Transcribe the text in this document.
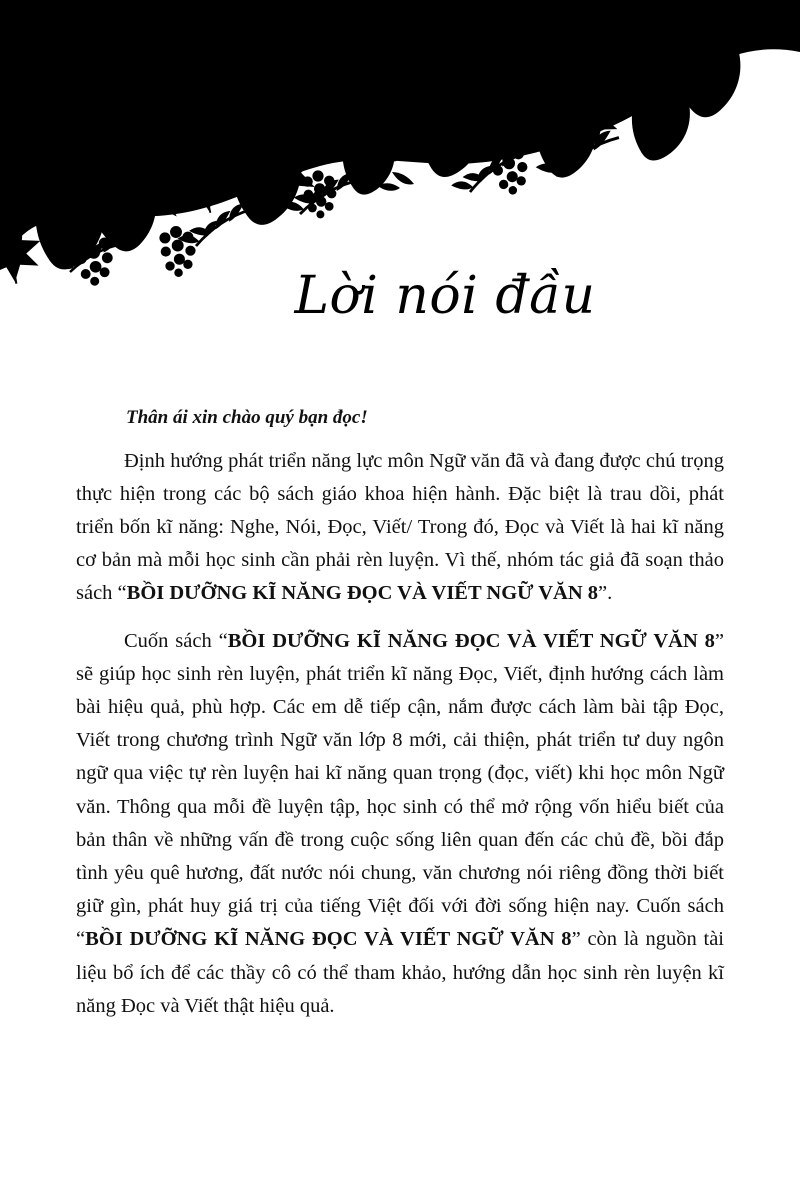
Lời nói đầu
Thân ái xin chào quý bạn đọc!

Định hướng phát triển năng lực môn Ngữ văn đã và đang được chú trọng thực hiện trong các bộ sách giáo khoa hiện hành. Đặc biệt là trau dồi, phát triển bốn kĩ năng: Nghe, Nói, Đọc, Viết/ Trong đó, Đọc và Viết là hai kĩ năng cơ bản mà mỗi học sinh cần phải rèn luyện. Vì thế, nhóm tác giả đã soạn thảo sách “BỒI DƯỠNG KĨ NĂNG ĐỌC VÀ VIẾT NGỮ VĂN 8”.

Cuốn sách “BỒI DƯỠNG KĨ NĂNG ĐỌC VÀ VIẾT NGỮ VĂN 8” sẽ giúp học sinh rèn luyện, phát triển kĩ năng Đọc, Viết, định hướng cách làm bài hiệu quả, phù hợp. Các em dễ tiếp cận, nắm được cách làm bài tập Đọc, Viết trong chương trình Ngữ văn lớp 8 mới, cải thiện, phát triển tư duy ngôn ngữ qua việc tự rèn luyện hai kĩ năng quan trọng (đọc, viết) khi học môn Ngữ văn. Thông qua mỗi đề luyện tập, học sinh có thể mở rộng vốn hiểu biết của bản thân về những vấn đề trong cuộc sống liên quan đến các chủ đề, bồi đắp tình yêu quê hương, đất nước nói chung, văn chương nói riêng đồng thời biết giữ gìn, phát huy giá trị của tiếng Việt đối với đời sống hiện nay. Cuốn sách “BỒI DƯỠNG KĨ NĂNG ĐỌC VÀ VIẾT NGỮ VĂN 8” còn là nguồn tài liệu bổ ích để các thầy cô có thể tham khảo, hướng dẫn học sinh rèn luyện kĩ năng Đọc và Viết thật hiệu quả.
